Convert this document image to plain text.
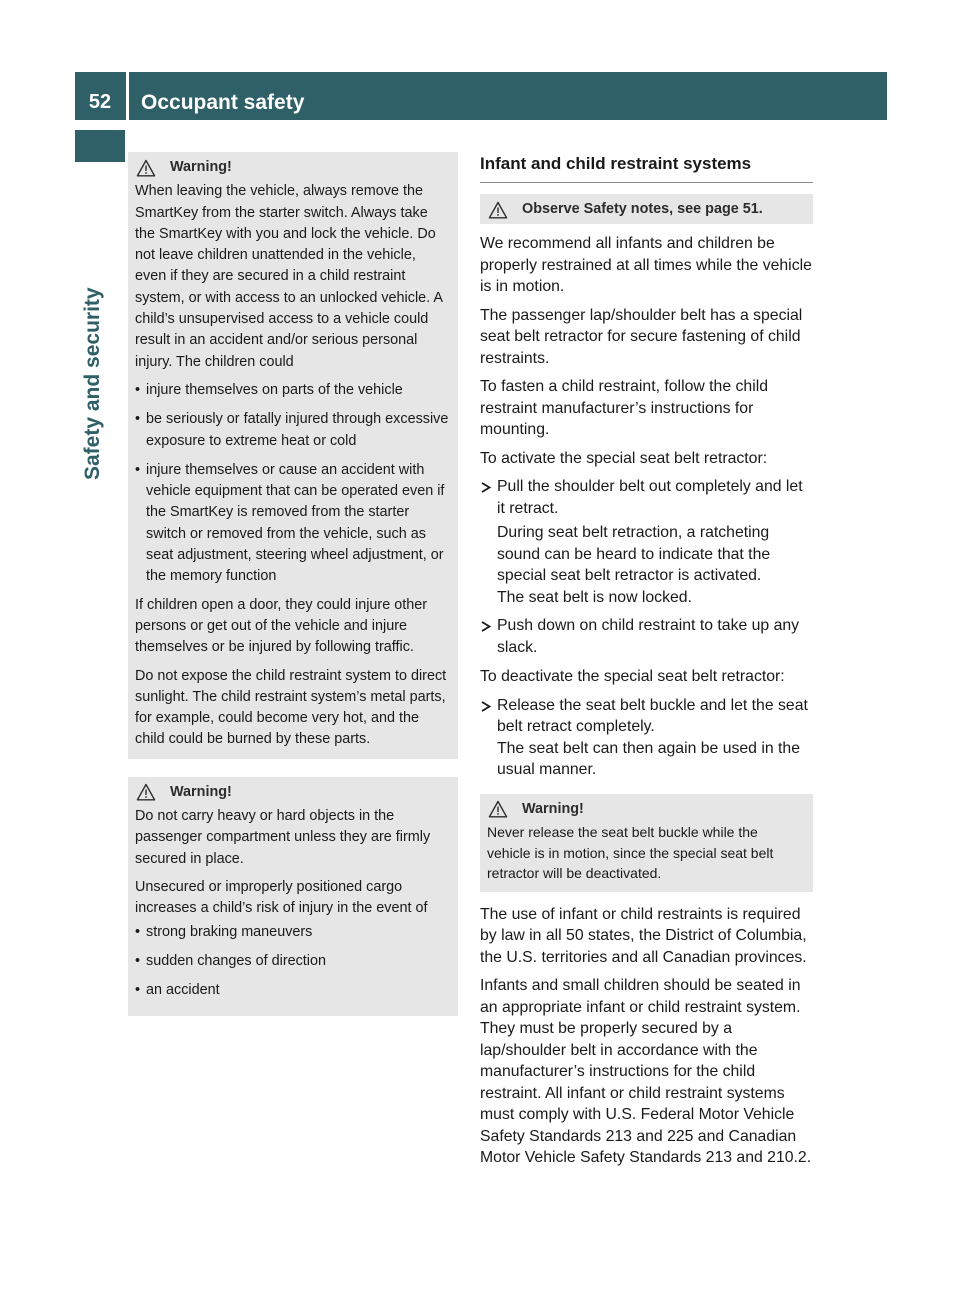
52	Occupant safety
Safety and security
Warning!

When leaving the vehicle, always remove the SmartKey from the starter switch. Always take the SmartKey with you and lock the vehicle. Do not leave children unattended in the vehicle, even if they are secured in a child restraint system, or with access to an unlocked vehicle. A child’s unsupervised access to a vehicle could result in an accident and/or serious personal injury. The children could

• injure themselves on parts of the vehicle
• be seriously or fatally injured through excessive exposure to extreme heat or cold
• injure themselves or cause an accident with vehicle equipment that can be operated even if the SmartKey is removed from the starter switch or removed from the vehicle, such as seat adjustment, steering wheel adjustment, or the memory function

If children open a door, they could injure other persons or get out of the vehicle and injure themselves or be injured by following traffic.

Do not expose the child restraint system to direct sunlight. The child restraint system’s metal parts, for example, could become very hot, and the child could be burned by these parts.

Warning!

Do not carry heavy or hard objects in the passenger compartment unless they are firmly secured in place.

Unsecured or improperly positioned cargo increases a child’s risk of injury in the event of

• strong braking maneuvers
• sudden changes of direction
• an accident
Infant and child restraint systems
Observe Safety notes, see page 51.

We recommend all infants and children be properly restrained at all times while the vehicle is in motion.

The passenger lap/shoulder belt has a special seat belt retractor for secure fastening of child restraints.

To fasten a child restraint, follow the child restraint manufacturer’s instructions for mounting.

To activate the special seat belt retractor:

Pull the shoulder belt out completely and let it retract.
During seat belt retraction, a ratcheting sound can be heard to indicate that the special seat belt retractor is activated.
The seat belt is now locked.
Push down on child restraint to take up any slack.

To deactivate the special seat belt retractor:

Release the seat belt buckle and let the seat belt retract completely.
The seat belt can then again be used in the usual manner.
Warning!

Never release the seat belt buckle while the vehicle is in motion, since the special seat belt retractor will be deactivated.

The use of infant or child restraints is required by law in all 50 states, the District of Columbia, the U.S. territories and all Canadian provinces.

Infants and small children should be seated in an appropriate infant or child restraint system. They must be properly secured by a lap/shoulder belt in accordance with the manufacturer’s instructions for the child restraint. All infant or child restraint systems must comply with U.S. Federal Motor Vehicle Safety Standards 213 and 225 and Canadian Motor Vehicle Safety Standards 213 and 210.2.
